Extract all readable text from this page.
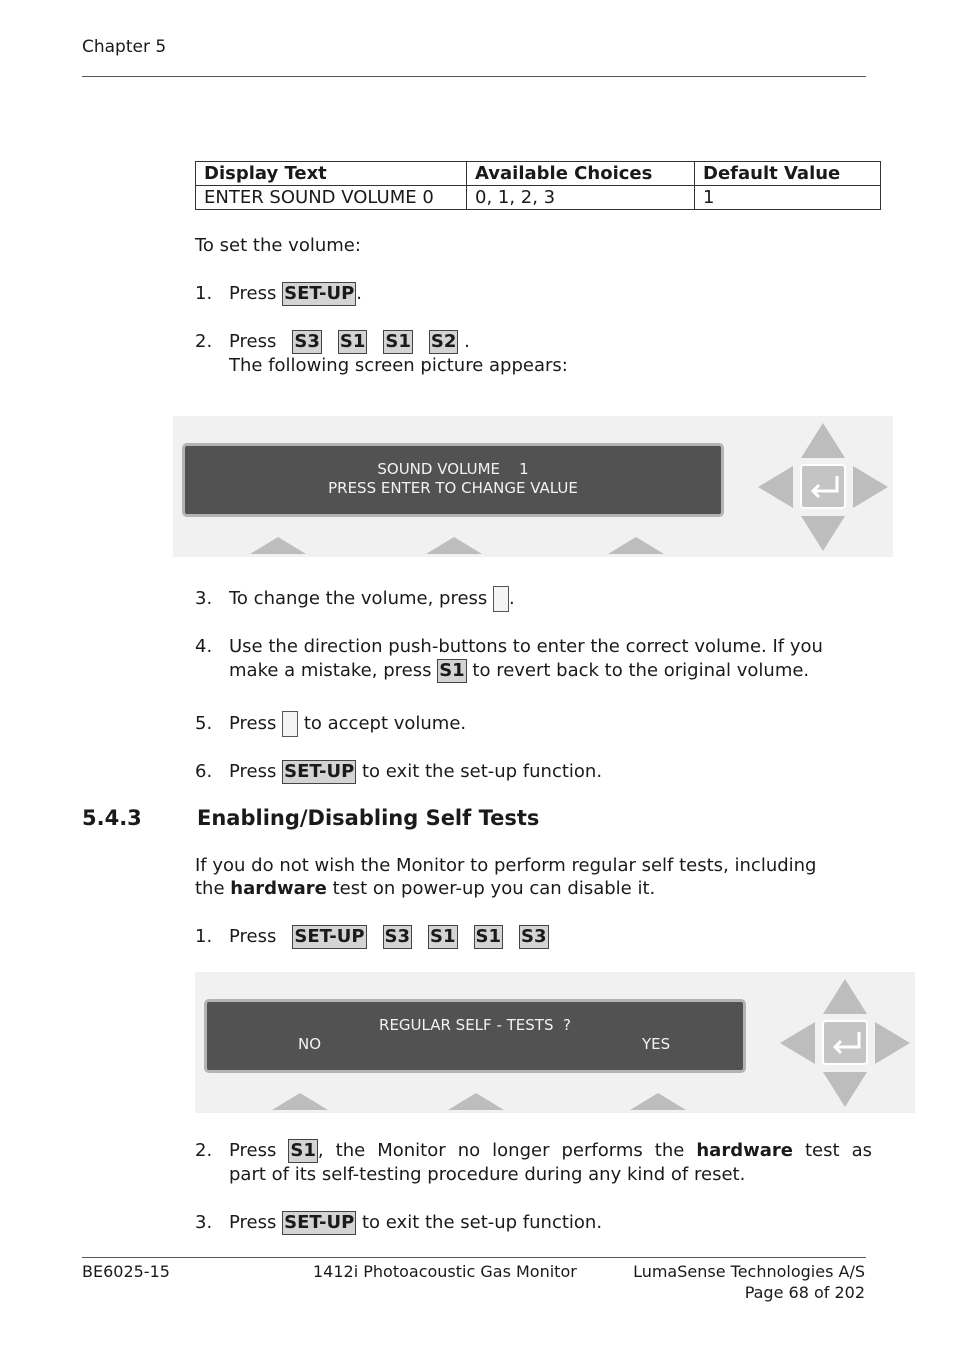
Chapter 5
Display Text	Available Choices	Default Value
ENTER SOUND VOLUME 0	0, 1, 2, 3	1
To set the volume:
1. Press SET-UP .
2. Press S3 S1 S1 S2 .
The following screen picture appears:
SOUND VOLUME    1
PRESS ENTER TO CHANGE VALUE
3. To change the volume, press .
4. Use the direction push-buttons to enter the correct volume. If you
make a mistake, press S1 to revert back to the original volume.
5. Press  to accept volume.
6. Press SET-UP to exit the set-up function.
5.4.3	Enabling/Disabling Self Tests
If you do not wish the Monitor to perform regular self tests, including
the hardware test on power-up you can disable it.
1. Press SET-UP S3 S1 S1 S3
REGULAR SELF - TESTS  ?
NO	YES
2. Press S1 , the Monitor no longer performs the hardware test as
part of its self-testing procedure during any kind of reset.
3. Press SET-UP to exit the set-up function.
BE6025-15	1412i Photoacoustic Gas Monitor	LumaSense Technologies A/S
Page 68 of 202
